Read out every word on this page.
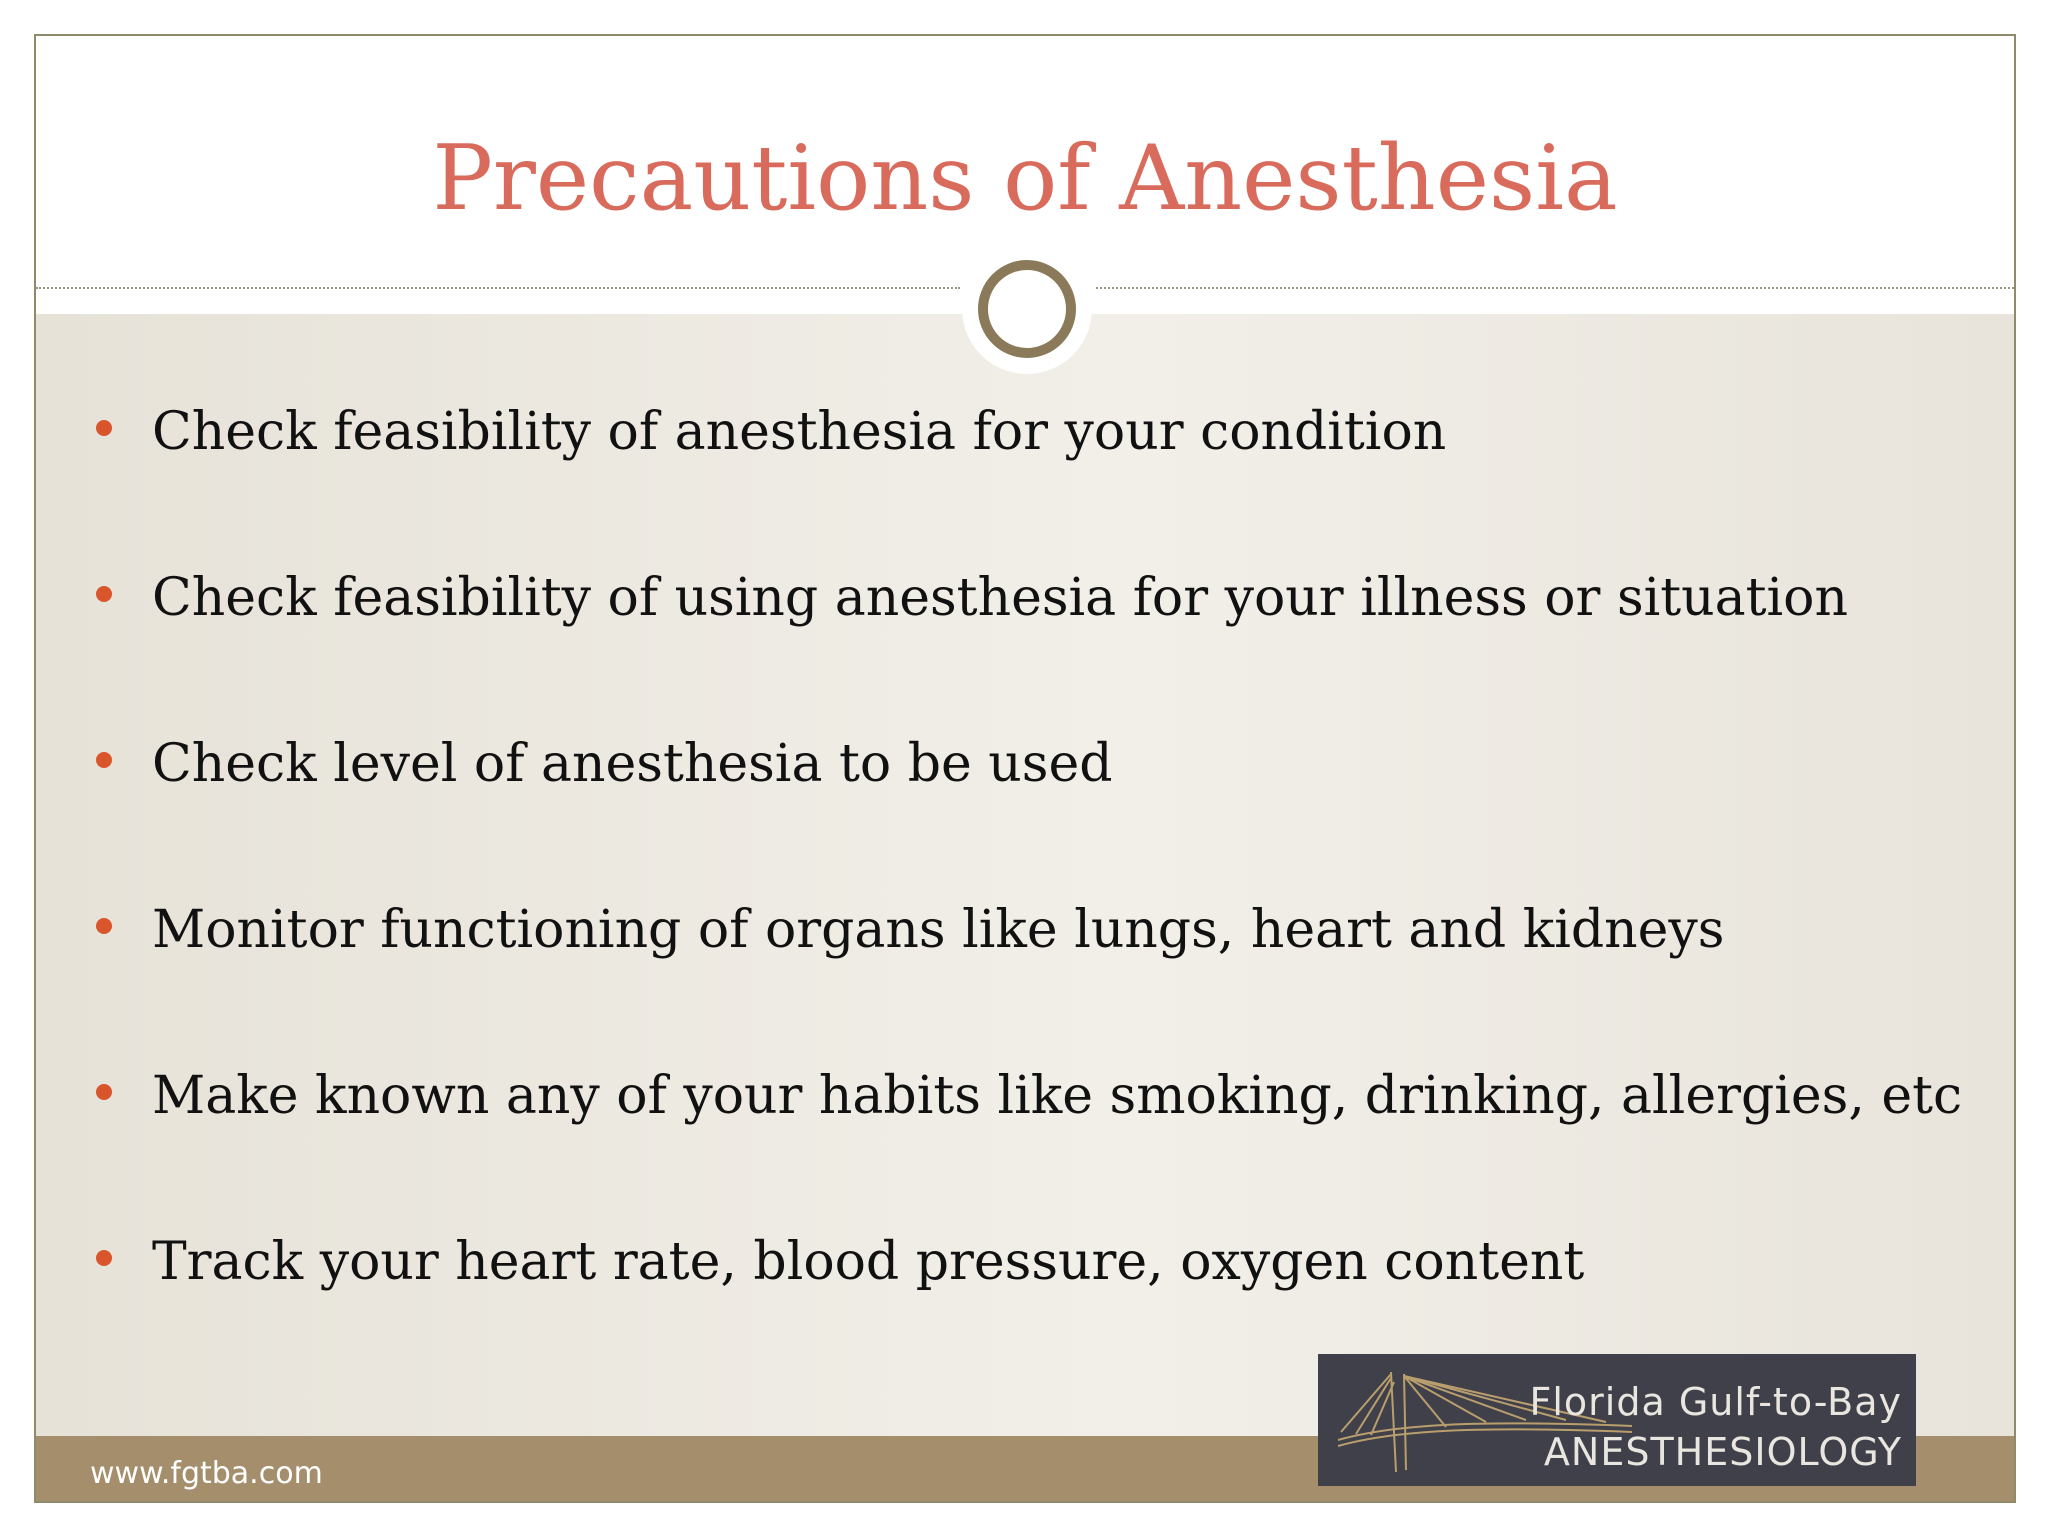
Precautions of Anesthesia
Check feasibility of anesthesia for your condition
Check feasibility of using anesthesia for your illness or situation
Check level of anesthesia to be used
Monitor functioning of organs like lungs, heart and kidneys
Make known any of your habits like smoking, drinking, allergies, etc
Track your heart rate, blood pressure, oxygen content
www.fgtba.com
Florida Gulf-to-Bay
ANESTHESIOLOGY
